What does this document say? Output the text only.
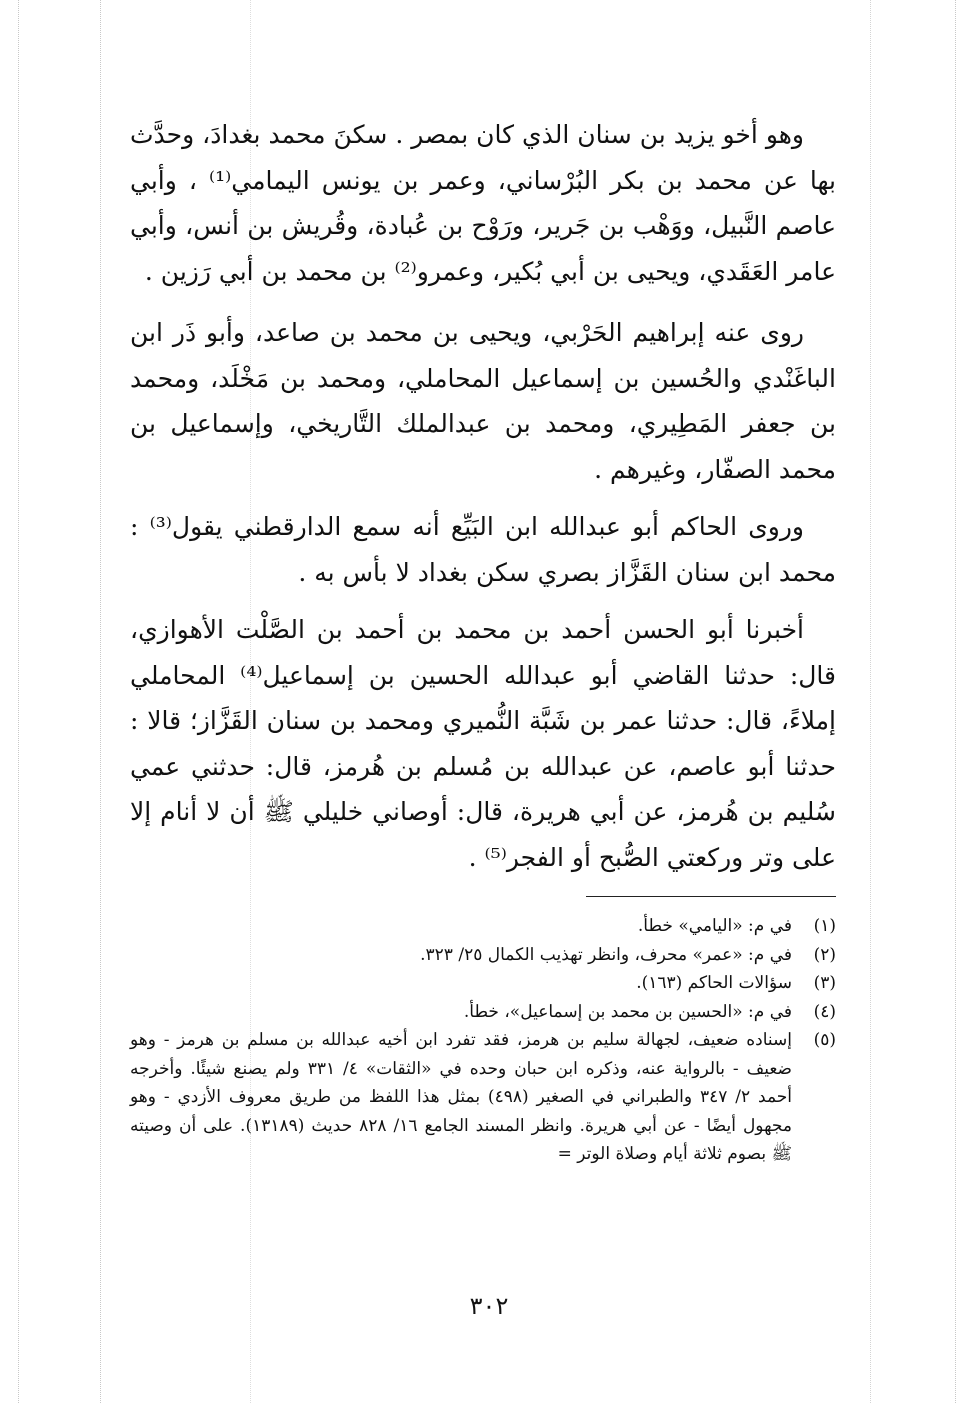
وهو أخو يزيد بن سنان الذي كان بمصر . سكنَ محمد بغدادَ، وحدَّث بها عن محمد بن بكر البُرْساني، وعمر بن يونس اليمامي⁽¹⁾ ، وأبي عاصم النَّبيل، ووَهْب بن جَرير، ورَوْح بن عُبادة، وقُريش بن أنس، وأبي عامر العَقَدي، ويحيى بن أبي بُكير، وعمرو⁽²⁾ بن محمد بن أبي رَزين .

روى عنه إبراهيم الحَرْبي، ويحيى بن محمد بن صاعد، وأبو ذَر ابن الباغَنْدي والحُسين بن إسماعيل المحاملي، ومحمد بن مَخْلَد، ومحمد بن جعفر المَطِيري، ومحمد بن عبدالملك التَّاريخي، وإسماعيل بن محمد الصفّار، وغيرهم .

وروى الحاكم أبو عبدالله ابن البَيِّع أنه سمع الدارقطني يقول⁽³⁾ : محمد ابن سنان القَزَّاز بصري سكن بغداد لا بأس به .

أخبرنا أبو الحسن أحمد بن محمد بن أحمد بن الصَّلْت الأهوازي، قال: حدثنا القاضي أبو عبدالله الحسين بن إسماعيل⁽⁴⁾ المحاملي إملاءً، قال: حدثنا عمر بن شَبَّة النُّميري ومحمد بن سنان القَزَّاز؛ قالا : حدثنا أبو عاصم، عن عبدالله بن مُسلم بن هُرمز، قال: حدثني عمي سُليم بن هُرمز، عن أبي هريرة، قال: أوصاني خليلي ﷺ أن لا أنام إلا على وتر وركعتي الصُّبح أو الفجر⁽⁵⁾ .

(١)
في م: «اليامي» خطأ.
(٢)
في م: «عمر» محرف، وانظر تهذيب الكمال ٢٥/ ٣٢٣.
(٣)
سؤالات الحاكم (١٦٣).
(٤)
في م: «الحسين بن محمد بن إسماعيل»، خطأ.
(٥)
إسناده ضعيف، لجهالة سليم بن هرمز، فقد تفرد ابن أخيه عبدالله بن مسلم بن هرمز - وهو ضعيف - بالرواية عنه، وذكره ابن حبان وحده في «الثقات» ٤/ ٣٣١ ولم يصنع شيئًا. وأخرجه أحمد ٢/ ٣٤٧ والطبراني في الصغير (٤٩٨) بمثل هذا اللفظ من طريق معروف الأزدي - وهو مجهول أيضًا - عن أبي هريرة. وانظر المسند الجامع ١٦/ ٨٢٨ حديث (١٣١٨٩). على أن وصيته ﷺ بصوم ثلاثة أيام وصلاة الوتر =
٣٠٢
